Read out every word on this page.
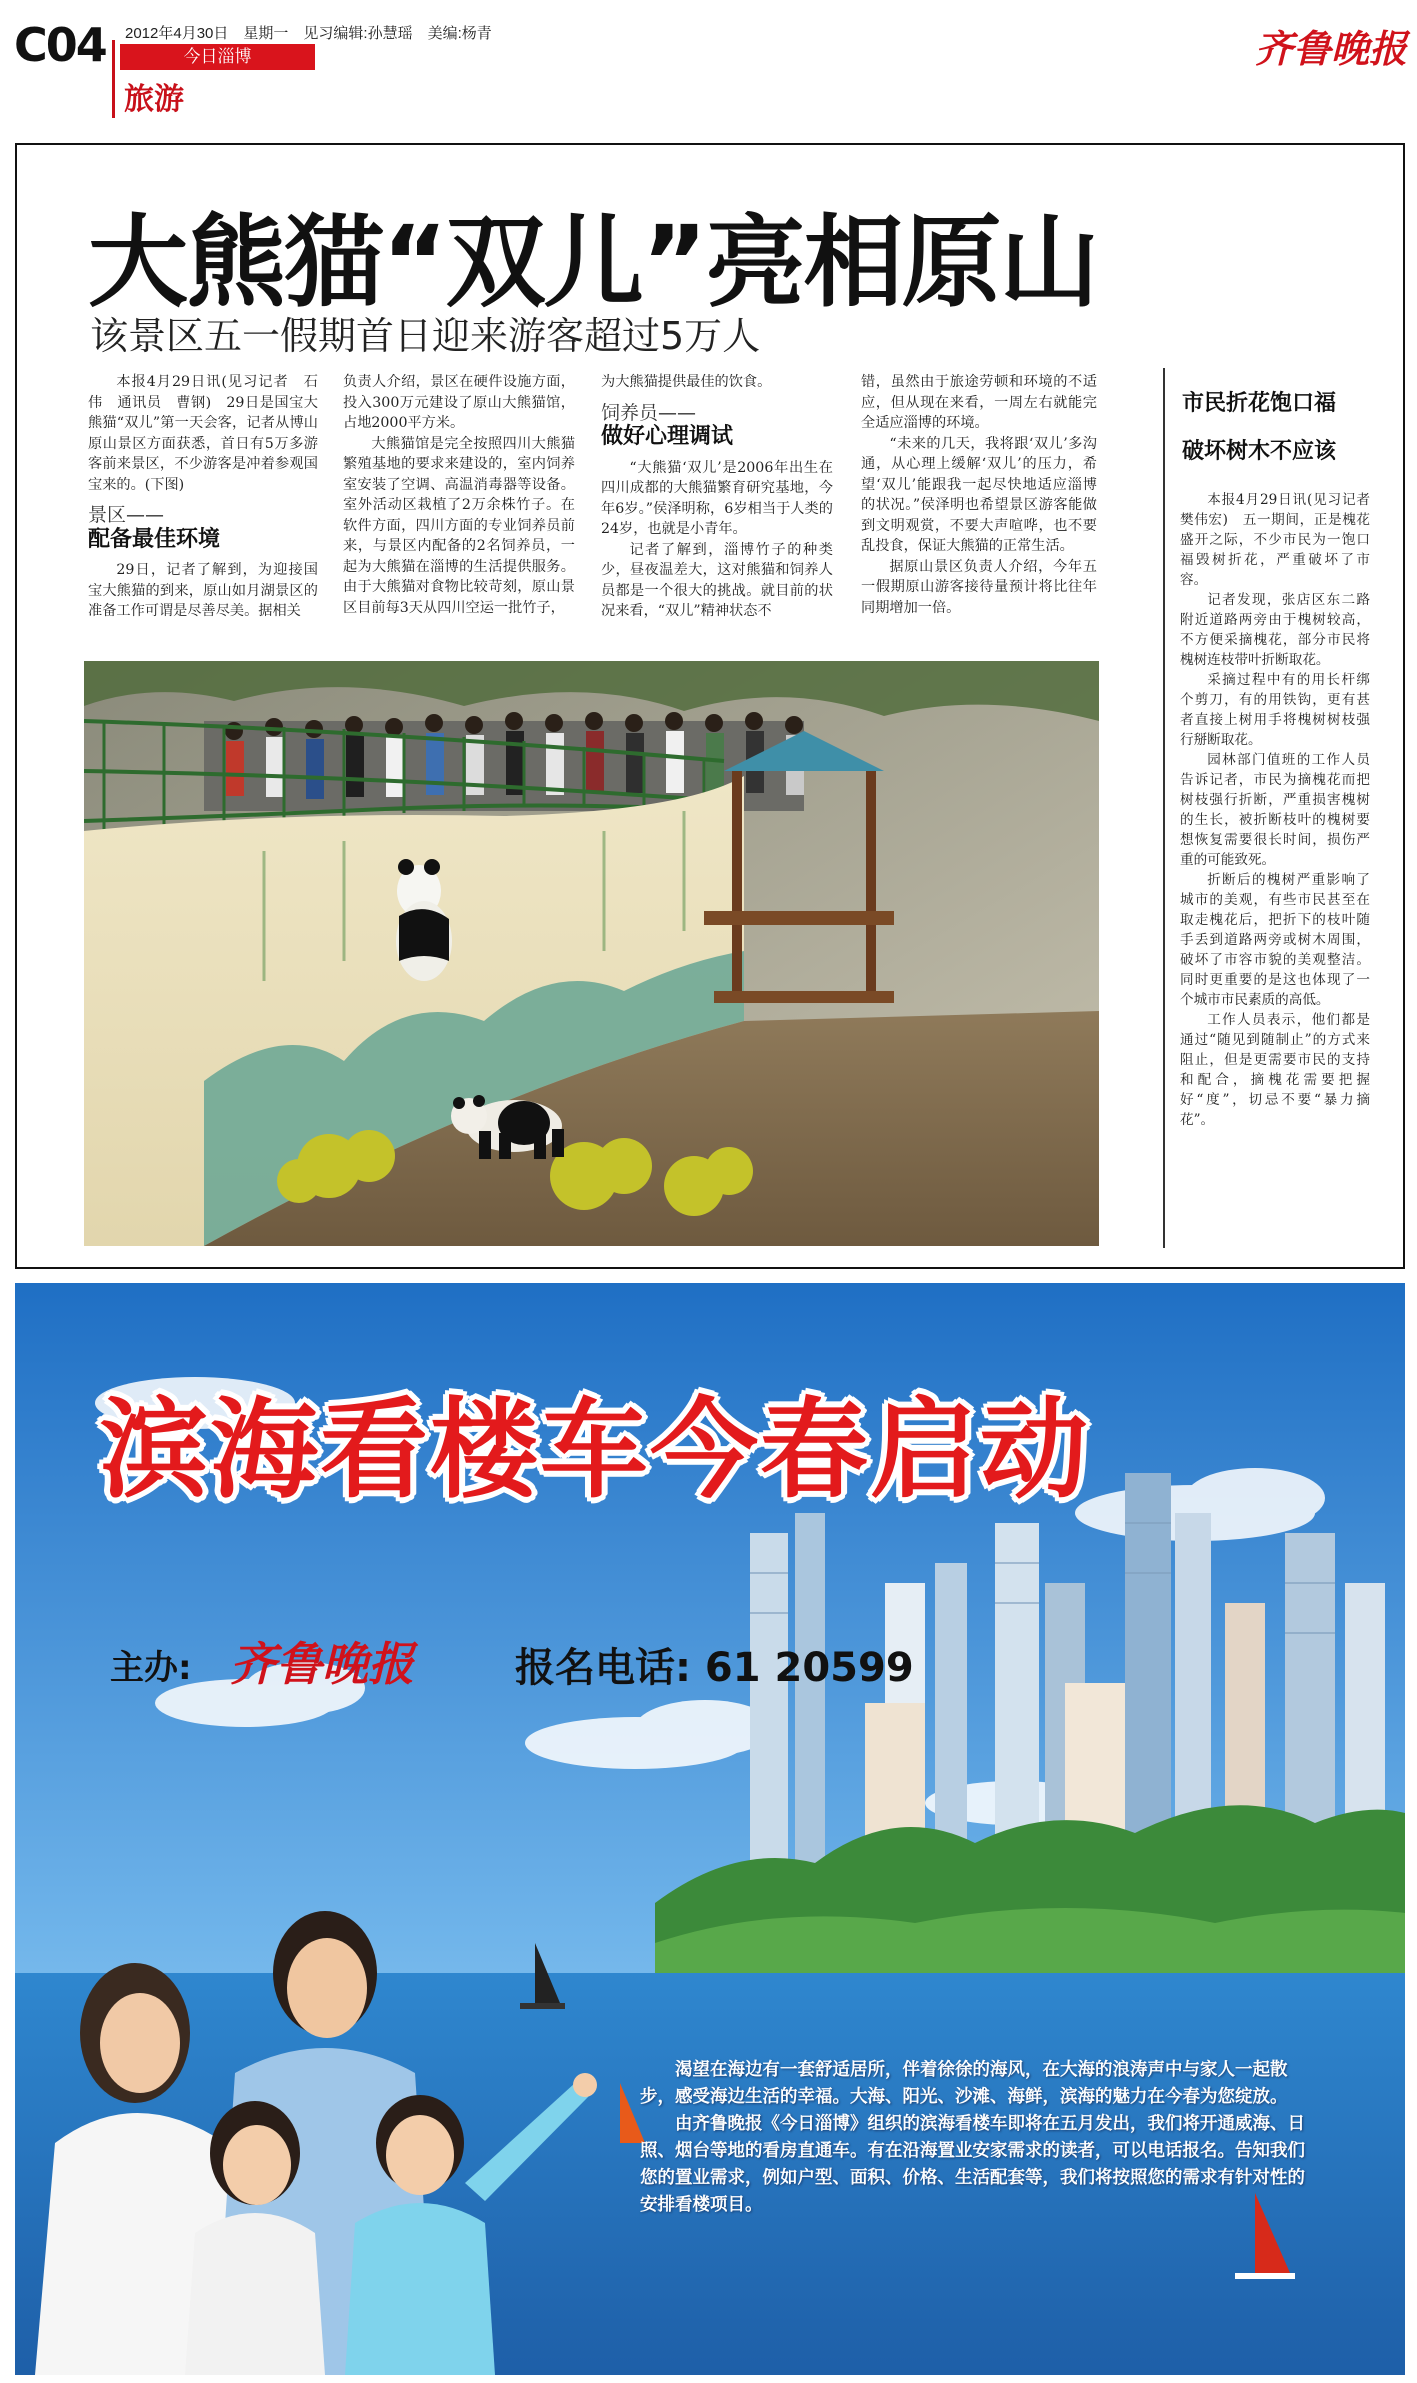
C04 2012年4月30日　星期一　见习编辑:孙慧瑶　美编:杨青
今日淄博
旅游
齐鲁晚报
大熊猫“双儿”亮相原山
该景区五一假期首日迎来游客超过5万人

本报4月29日讯(见习记者　石伟　通讯员　曹钢)　29日是国宝大熊猫“双儿”第一天会客，记者从博山原山景区方面获悉，首日有5万多游客前来景区，不少游客是冲着参观国宝来的。(下图)

景区——
配备最佳环境

29日，记者了解到，为迎接国宝大熊猫的到来，原山如月湖景区的准备工作可谓是尽善尽美。据相关

负责人介绍，景区在硬件设施方面，投入300万元建设了原山大熊猫馆，占地2000平方米。

大熊猫馆是完全按照四川大熊猫繁殖基地的要求来建设的，室内饲养室安装了空调、高温消毒器等设备。室外活动区栽植了2万余株竹子。在软件方面，四川方面的专业饲养员前来，与景区内配备的2名饲养员，一起为大熊猫在淄博的生活提供服务。由于大熊猫对食物比较苛刻，原山景区目前每3天从四川空运一批竹子，

为大熊猫提供最佳的饮食。

饲养员——
做好心理调试

“大熊猫‘双儿’是2006年出生在四川成都的大熊猫繁育研究基地，今年6岁。”侯泽明称，6岁相当于人类的24岁，也就是小青年。

记者了解到，淄博竹子的种类少，昼夜温差大，这对熊猫和饲养人员都是一个很大的挑战。就目前的状况来看，“双儿”精神状态不

错，虽然由于旅途劳顿和环境的不适应，但从现在来看，一周左右就能完全适应淄博的环境。

“未来的几天，我将跟‘双儿’多沟通，从心理上缓解‘双儿’的压力，希望‘双儿’能跟我一起尽快地适应淄博的状况。”侯泽明也希望景区游客能做到文明观赏，不要大声喧哗，也不要乱投食，保证大熊猫的正常生活。

据原山景区负责人介绍，今年五一假期原山游客接待量预计将比往年同期增加一倍。

市民折花饱口福
破坏树木不应该

本报4月29日讯(见习记者　樊伟宏)　五一期间，正是槐花盛开之际，不少市民为一饱口福毁树折花，严重破坏了市容。

记者发现，张店区东二路附近道路两旁由于槐树较高，不方便采摘槐花，部分市民将槐树连枝带叶折断取花。

采摘过程中有的用长杆绑个剪刀，有的用铁钩，更有甚者直接上树用手将槐树树枝强行掰断取花。

园林部门值班的工作人员告诉记者，市民为摘槐花而把树枝强行折断，严重损害槐树的生长，被折断枝叶的槐树要想恢复需要很长时间，损伤严重的可能致死。

折断后的槐树严重影响了城市的美观，有些市民甚至在取走槐花后，把折下的枝叶随手丢到道路两旁或树木周围，破坏了市容市貌的美观整洁。同时更重要的是这也体现了一个城市市民素质的高低。

工作人员表示，他们都是通过“随见到随制止”的方式来阻止，但是更需要市民的支持和配合，摘槐花需要把握好“度”，切忌不要“暴力摘花”。

滨海看楼车今春启动
主办: 齐鲁晚报	报名电话: 61 20599

渴望在海边有一套舒适居所，伴着徐徐的海风，在大海的浪涛声中与家人一起散步，感受海边生活的幸福。大海、阳光、沙滩、海鲜，滨海的魅力在今春为您绽放。

由齐鲁晚报《今日淄博》组织的滨海看楼车即将在五月发出，我们将开通威海、日照、烟台等地的看房直通车。有在沿海置业安家需求的读者，可以电话报名。告知我们您的置业需求，例如户型、面积、价格、生活配套等，我们将按照您的需求有针对性的安排看楼项目。
